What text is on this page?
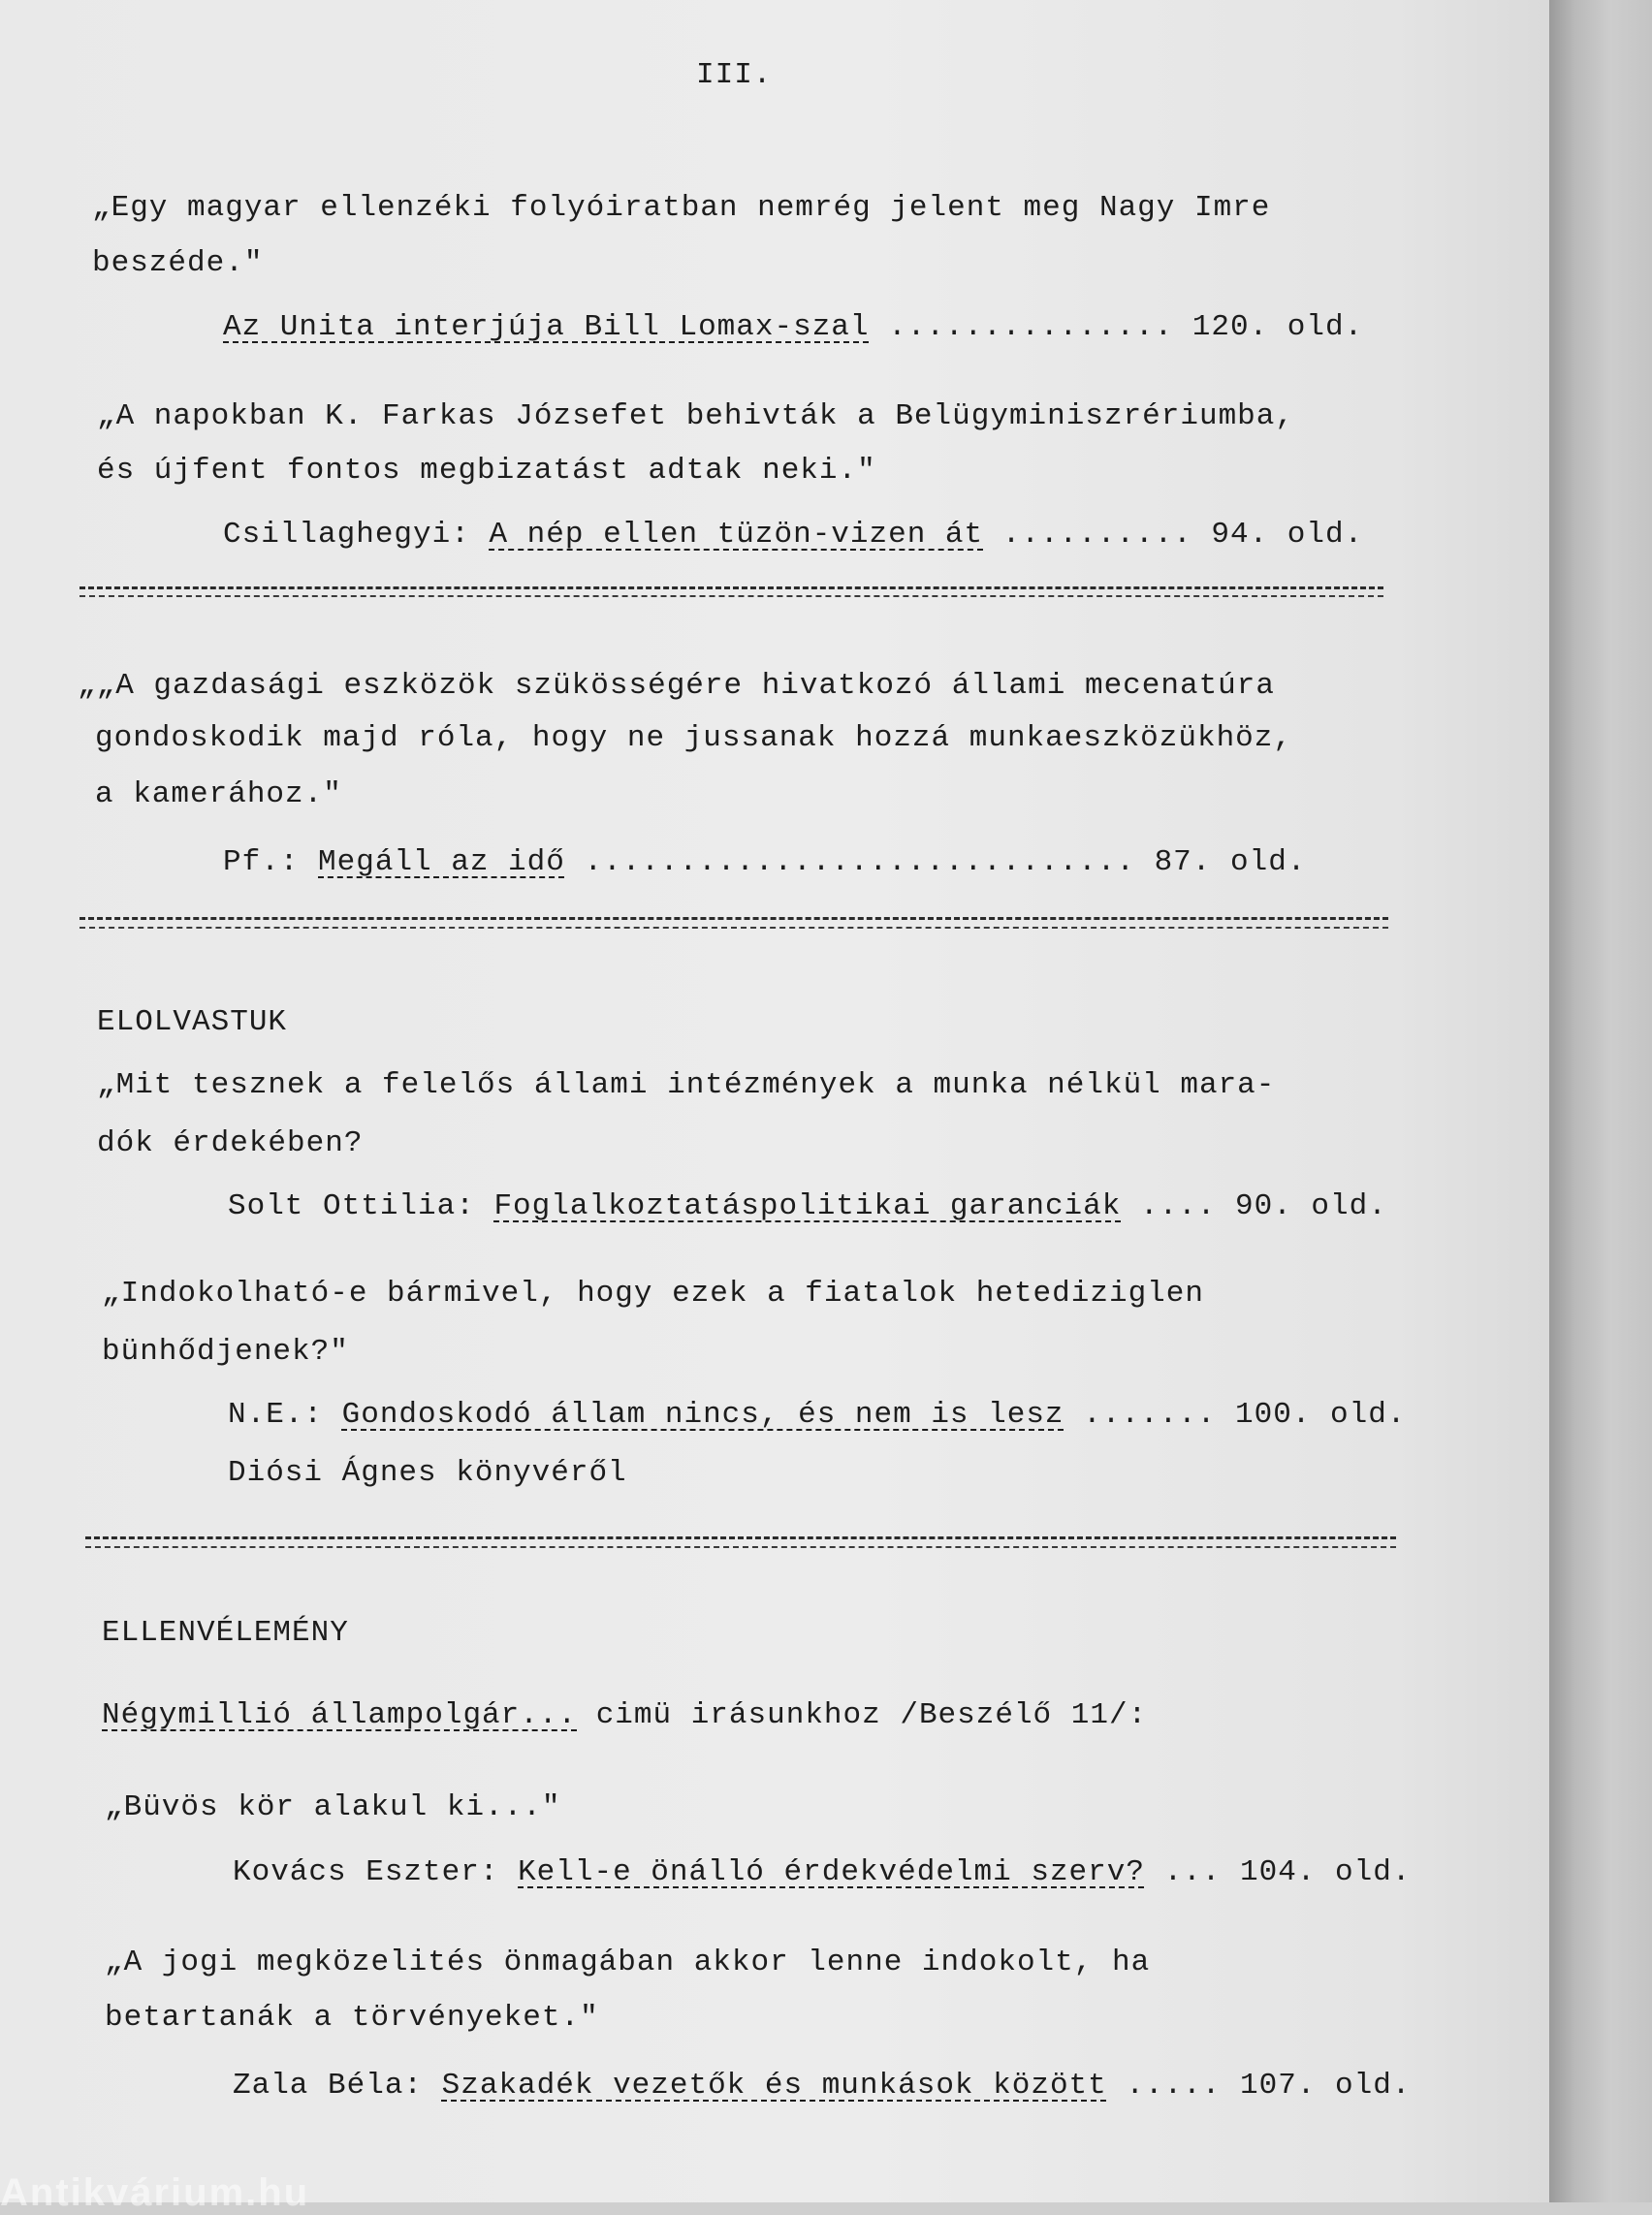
III.
„Egy magyar ellenzéki folyóiratban nemrég jelent meg Nagy Imre
beszéde."
Az Unita interjúja Bill Lomax-szal ............... 120. old.
„A napokban K. Farkas Józsefet behivták a Belügyminiszrériumba,
és újfent fontos megbizatást adtak neki."
Csillaghegyi: A nép ellen tüzön-vizen át .......... 94. old.
„„A gazdasági eszközök szükösségére hivatkozó állami mecenatúra
gondoskodik majd róla, hogy ne jussanak hozzá munkaeszközükhöz,
a kamerához."
Pf.: Megáll az idő ............................. 87. old.
ELOLVASTUK
„Mit tesznek a felelős állami intézmények a munka nélkül mara-
dók érdekében?
Solt Ottilia: Foglalkoztatáspolitikai garanciák .... 90. old.
„Indokolható-e bármivel, hogy ezek a fiatalok hetediziglen
bünhődjenek?"
N.E.: Gondoskodó állam nincs, és nem is lesz ....... 100. old.
Diósi Ágnes könyvéről
ELLENVÉLEMÉNY
Négymillió állampolgár... cimü irásunkhoz /Beszélő 11/:
„Büvös kör alakul ki..."
Kovács Eszter: Kell-e önálló érdekvédelmi szerv? ... 104. old.
„A jogi megközelités önmagában akkor lenne indokolt, ha
betartanák a törvényeket."
Zala Béla: Szakadék vezetők és munkások között ..... 107. old.
Antikvárium.hu
